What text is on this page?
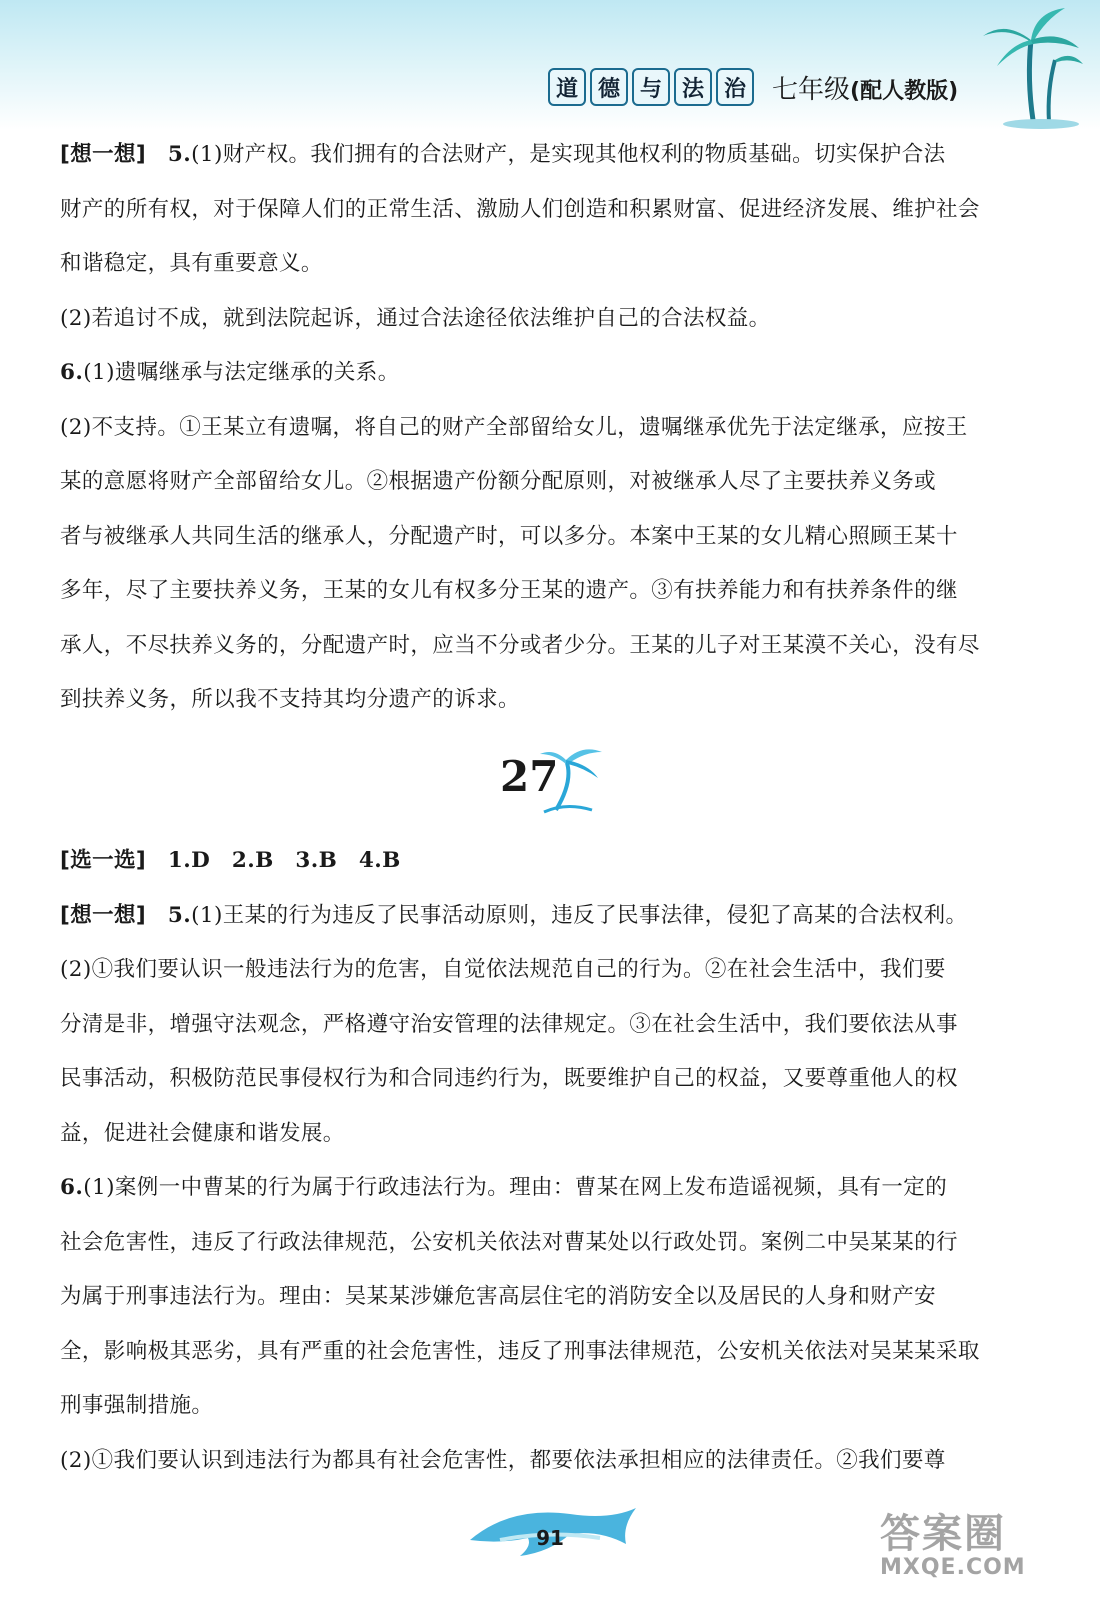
道 德 与 法 治	七年级(配人教版)

[想一想] 5.(1)财产权。我们拥有的合法财产，是实现其他权利的物质基础。切实保护合法

财产的所有权，对于保障人们的正常生活、激励人们创造和积累财富、促进经济发展、维护社会

和谐稳定，具有重要意义。

(2)若追讨不成，就到法院起诉，通过合法途径依法维护自己的合法权益。

6.(1)遗嘱继承与法定继承的关系。

(2)不支持。①王某立有遗嘱，将自己的财产全部留给女儿，遗嘱继承优先于法定继承，应按王

某的意愿将财产全部留给女儿。②根据遗产份额分配原则，对被继承人尽了主要扶养义务或

者与被继承人共同生活的继承人，分配遗产时，可以多分。本案中王某的女儿精心照顾王某十

多年，尽了主要扶养义务，王某的女儿有权多分王某的遗产。③有扶养能力和有扶养条件的继

承人，不尽扶养义务的，分配遗产时，应当不分或者少分。王某的儿子对王某漠不关心，没有尽

到扶养义务，所以我不支持其均分遗产的诉求。

27

[选一选] 1.D 2.B 3.B 4.B

[想一想] 5.(1)王某的行为违反了民事活动原则，违反了民事法律，侵犯了高某的合法权利。

(2)①我们要认识一般违法行为的危害，自觉依法规范自己的行为。②在社会生活中，我们要

分清是非，增强守法观念，严格遵守治安管理的法律规定。③在社会生活中，我们要依法从事

民事活动，积极防范民事侵权行为和合同违约行为，既要维护自己的权益，又要尊重他人的权

益，促进社会健康和谐发展。

6.(1)案例一中曹某的行为属于行政违法行为。理由：曹某在网上发布造谣视频，具有一定的

社会危害性，违反了行政法律规范，公安机关依法对曹某处以行政处罚。案例二中吴某某的行

为属于刑事违法行为。理由：吴某某涉嫌危害高层住宅的消防安全以及居民的人身和财产安

全，影响极其恶劣，具有严重的社会危害性，违反了刑事法律规范，公安机关依法对吴某某采取

刑事强制措施。

(2)①我们要认识到违法行为都具有社会危害性，都要依法承担相应的法律责任。②我们要尊

91	答案圈
MXQE.COM
